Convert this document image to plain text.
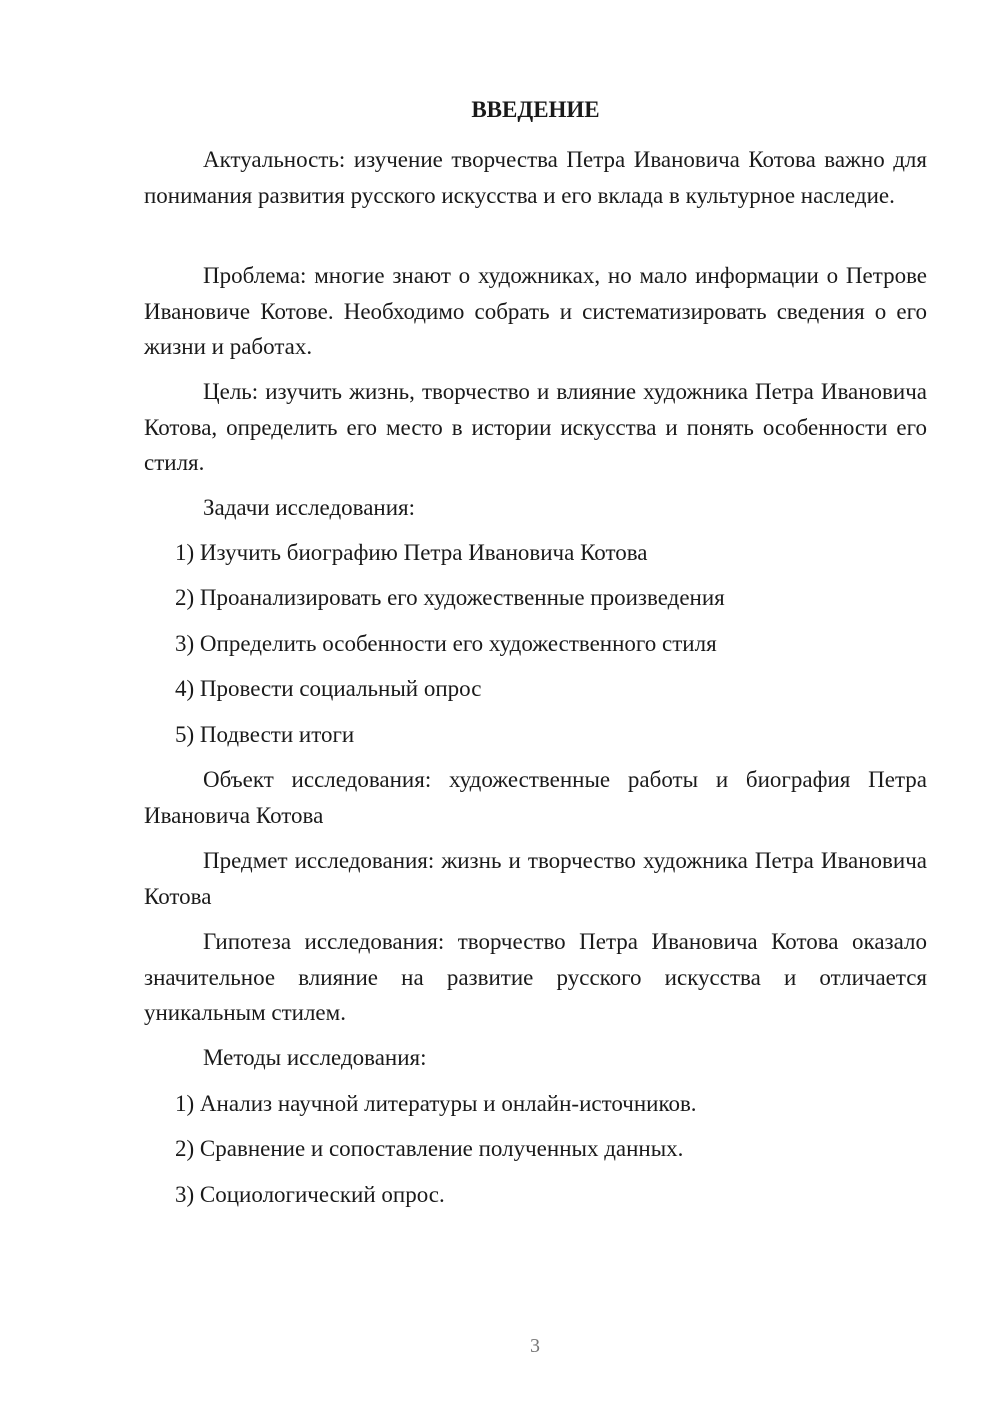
ВВЕДЕНИЕ

Актуальность: изучение творчества Петра Ивановича Котова важно для понимания развития русского искусства и его вклада в культурное наследие.

Проблема: многие знают о художниках, но мало информации о Петрове Ивановиче Котове. Необходимо собрать и систематизировать сведения о его жизни и работах.

Цель: изучить жизнь, творчество и влияние художника Петра Ивановича Котова, определить его место в истории искусства и понять особенности его стиля.

Задачи исследования:

1) Изучить биографию Петра Ивановича Котова

2) Проанализировать его художественные произведения

3) Определить особенности его художественного стиля

4) Провести социальный опрос

5) Подвести итоги

Объект исследования: художественные работы и биография Петра Ивановича Котова

Предмет исследования: жизнь и творчество художника Петра Ивановича Котова

Гипотеза исследования: творчество Петра Ивановича Котова оказало значительное влияние на развитие русского искусства и отличается уникальным стилем.

Методы исследования:

1) Анализ научной литературы и онлайн-источников.

2) Сравнение и сопоставление полученных данных.

3) Социологический опрос.

3
